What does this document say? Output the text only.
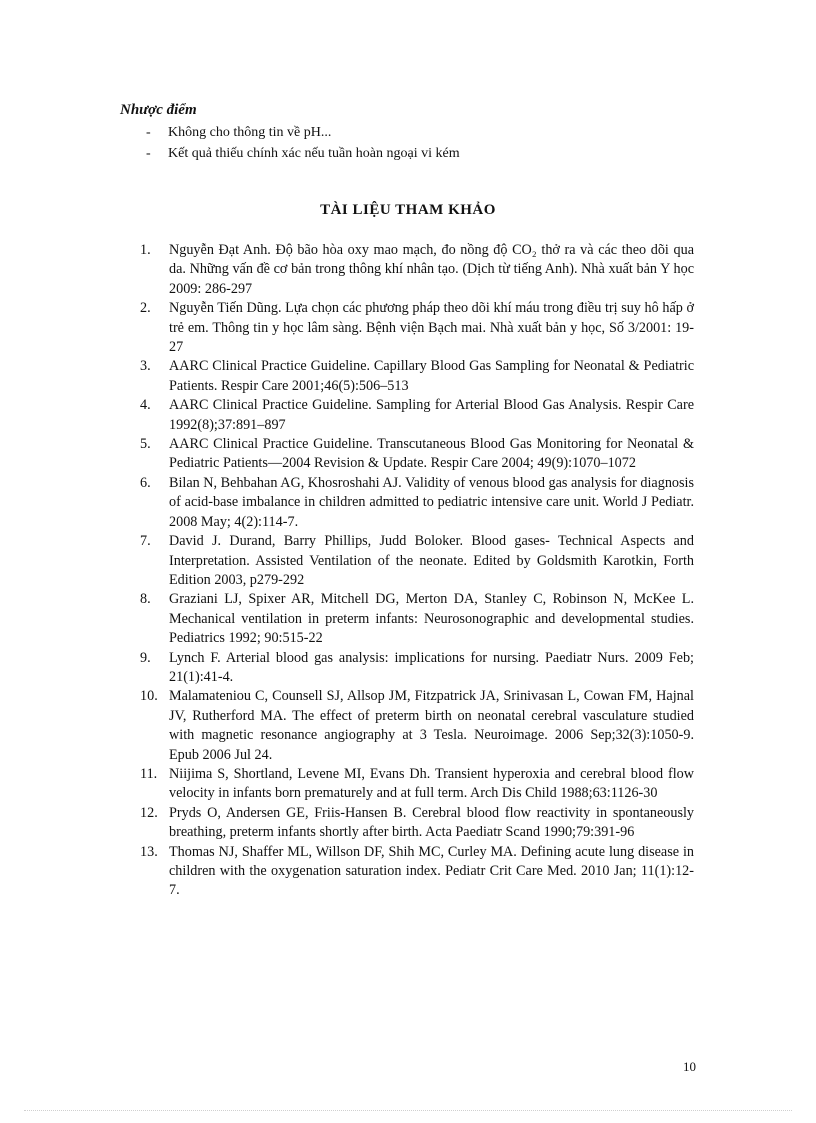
Nhược điểm

- Không cho thông tin về pH...
- Kết quả thiếu chính xác nếu tuần hoàn ngoại vi kém
TÀI LIỆU THAM KHẢO
1.	Nguyễn Đạt Anh. Độ bão hòa oxy mao mạch, đo nồng độ CO₂ thở ra và các theo dõi qua da. Những vấn đề cơ bản trong thông khí nhân tạo. (Dịch từ tiếng Anh). Nhà xuất bản Y học 2009: 286-297
2.	Nguyễn Tiến Dũng. Lựa chọn các phương pháp theo dõi khí máu trong điều trị suy hô hấp ở trẻ em. Thông tin y học lâm sàng. Bệnh viện Bạch mai. Nhà xuất bản y học, Số 3/2001: 19-27
3.	AARC Clinical Practice Guideline. Capillary Blood Gas Sampling for Neonatal & Pediatric Patients. Respir Care 2001;46(5):506–513
4.	AARC Clinical Practice Guideline. Sampling for Arterial Blood Gas Analysis. Respir Care 1992(8);37:891–897
5.	AARC Clinical Practice Guideline. Transcutaneous Blood Gas Monitoring for Neonatal & Pediatric Patients—2004 Revision & Update. Respir Care 2004; 49(9):1070–1072
6.	Bilan N, Behbahan AG, Khosroshahi AJ. Validity of venous blood gas analysis for diagnosis of acid-base imbalance in children admitted to pediatric intensive care unit. World J Pediatr. 2008 May; 4(2):114-7.
7.	David J. Durand, Barry Phillips, Judd Boloker. Blood gases- Technical Aspects and Interpretation. Assisted Ventilation of the neonate. Edited by Goldsmith Karotkin, Forth Edition 2003, p279-292
8.	Graziani LJ, Spixer AR, Mitchell DG, Merton DA, Stanley C, Robinson N, McKee L. Mechanical ventilation in preterm infants: Neurosonographic and developmental studies. Pediatrics 1992; 90:515-22
9.	Lynch F. Arterial blood gas analysis: implications for nursing. Paediatr Nurs. 2009 Feb; 21(1):41-4.
10. Malamateniou C, Counsell SJ, Allsop JM, Fitzpatrick JA, Srinivasan L, Cowan FM, Hajnal JV, Rutherford MA. The effect of preterm birth on neonatal cerebral vasculature studied with magnetic resonance angiography at 3 Tesla. Neuroimage. 2006 Sep;32(3):1050-9. Epub 2006 Jul 24.
11. Niijima S, Shortland, Levene MI, Evans Dh. Transient hyperoxia and cerebral blood flow velocity in infants born prematurely and at full term. Arch Dis Child 1988;63:1126-30
12. Pryds O, Andersen GE, Friis-Hansen B. Cerebral blood flow reactivity in spontaneously breathing, preterm infants shortly after birth. Acta Paediatr Scand 1990;79:391-96
13. Thomas NJ, Shaffer ML, Willson DF, Shih MC, Curley MA. Defining acute lung disease in children with the oxygenation saturation index. Pediatr Crit Care Med. 2010 Jan; 11(1):12-7.
10
